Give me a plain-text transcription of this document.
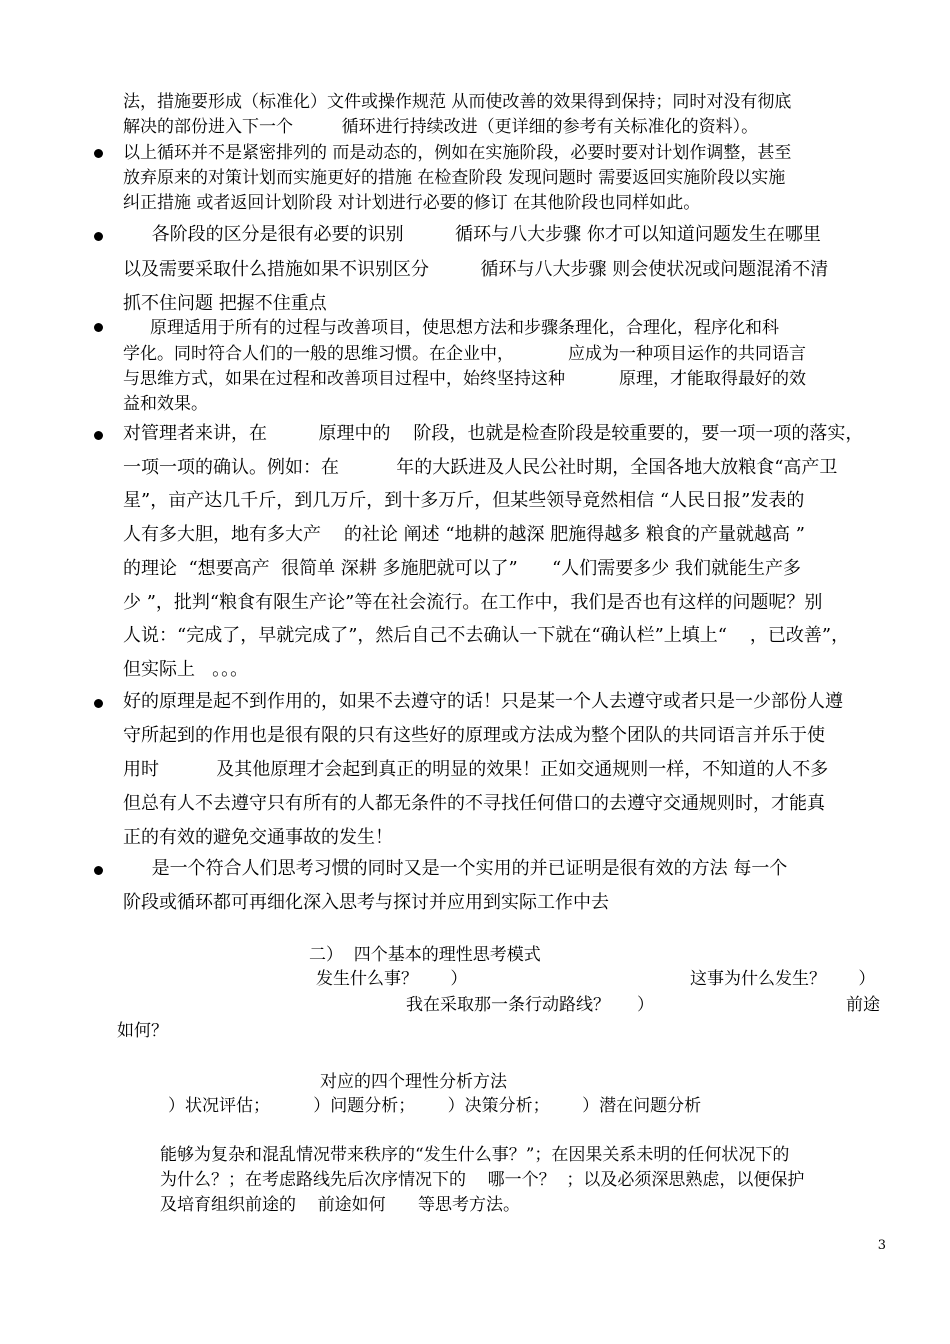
法，措施要形成（标准化）文件或操作规范 从而使改善的效果得到保持；同时对没有彻底
解决的部份进入下一个         循环进行持续改进（更详细的参考有关标准化的资料）。
以上循环并不是紧密排列的 而是动态的，例如在实施阶段，必要时要对计划作调整，甚至
放弃原来的对策计划而实施更好的措施 在检查阶段 发现问题时 需要返回实施阶段以实施
纠正措施 或者返回计划阶段 对计划进行必要的修订 在其他阶段也同样如此。
各阶段的区分是很有必要的识别         循环与八大步骤 你才可以知道问题发生在哪里
以及需要采取什么措施如果不识别区分         循环与八大步骤 则会使状况或问题混淆不清
抓不住问题 把握不住重点
原理适用于所有的过程与改善项目，使思想方法和步骤条理化，合理化，程序化和科
学化。同时符合人们的一般的思维习惯。在企业中，          应成为一种项目运作的共同语言
与思维方式，如果在过程和改善项目过程中，始终坚持这种          原理，才能取得最好的效
益和效果。
对管理者来讲，在         原理中的    阶段，也就是检查阶段是较重要的，要一项一项的落实，
一项一项的确认。例如：在          年的大跃进及人民公社时期，全国各地大放粮食“高产卫
星”，亩产达几千斤，到几万斤，到十多万斤，但某些领导竟然相信 “人民日报”发表的
人有多大胆，地有多大产    的社论 阐述 “地耕的越深 肥施得越多 粮食的产量就越高 ”
的理论  “想要高产  很简单 深耕 多施肥就可以了”      “人们需要多少 我们就能生产多
少 ”，批判“粮食有限生产论”等在社会流行。在工作中，我们是否也有这样的问题呢？别
人说：“完成了，早就完成了”，然后自己不去确认一下就在“确认栏”上填上“    ，已改善”，
但实际上   。。。
好的原理是起不到作用的，如果不去遵守的话！只是某一个人去遵守或者只是一少部份人遵
守所起到的作用也是很有限的只有这些好的原理或方法成为整个团队的共同语言并乐于使
用时          及其他原理才会起到真正的明显的效果！正如交通规则一样，不知道的人不多
但总有人不去遵守只有所有的人都无条件的不寻找任何借口的去遵守交通规则时，才能真
正的有效的避免交通事故的发生！
是一个符合人们思考习惯的同时又是一个实用的并已证明是很有效的方法 每一个
阶段或循环都可再细化深入思考与探讨并应用到实际工作中去
二）  四个基本的理性思考模式
发生什么事？      ）	这事为什么发生？      ）
我在采取那一条行动路线？     ）	前途
如何？
对应的四个理性分析方法
）状况评估；        ）问题分析；      ）决策分析；      ）潜在问题分析
能够为复杂和混乱情况带来秩序的“发生什么事？”；在因果关系未明的任何状况下的
为什么？；在考虑路线先后次序情况下的    哪一个？  ；以及必须深思熟虑，以便保护
及培育组织前途的    前途如何      等思考方法。
3
